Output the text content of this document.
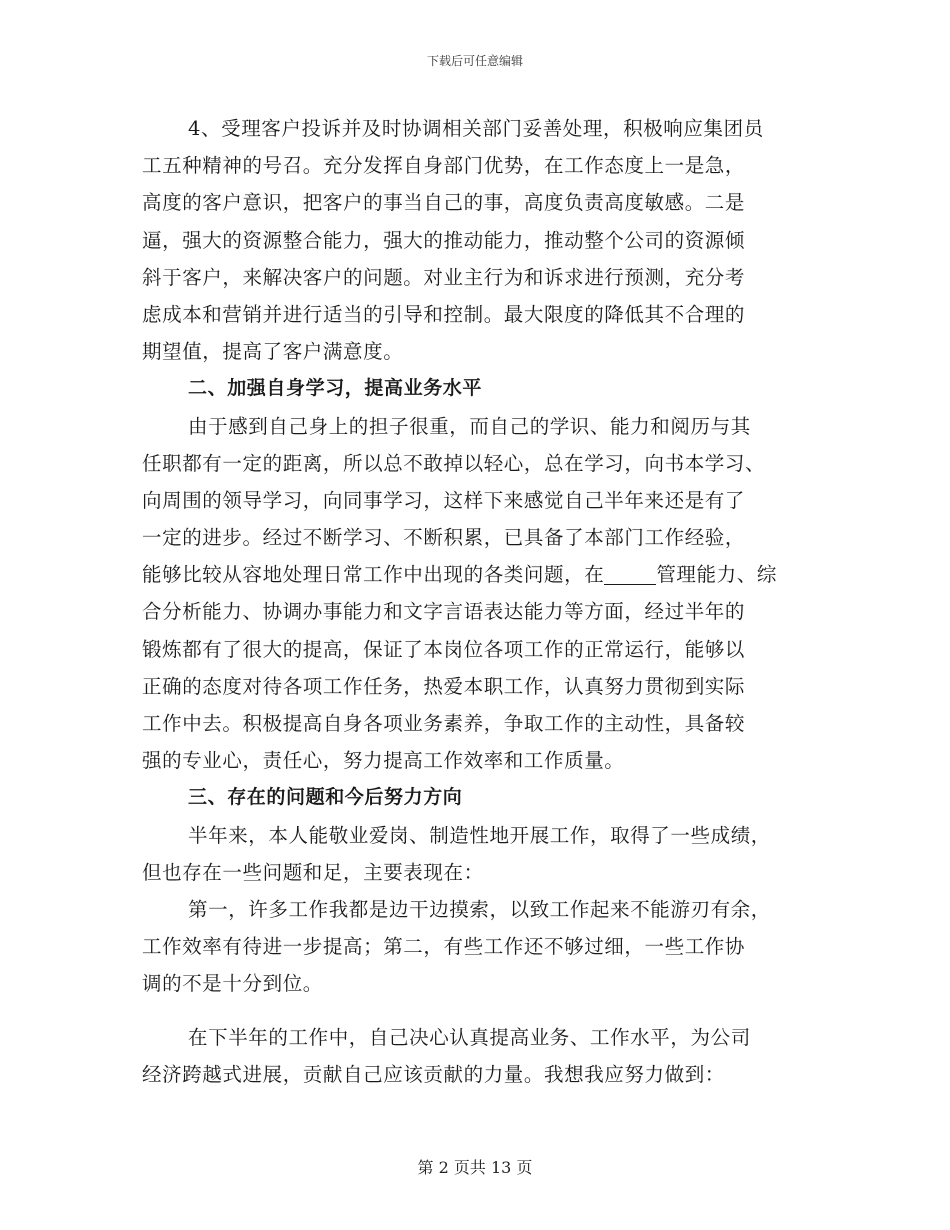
下载后可任意编辑
4、受理客户投诉并及时协调相关部门妥善处理，积极响应集团员
工五种精神的号召。充分发挥自身部门优势，在工作态度上一是急，
高度的客户意识，把客户的事当自己的事，高度负责高度敏感。二是
逼，强大的资源整合能力，强大的推动能力，推动整个公司的资源倾
斜于客户，来解决客户的问题。对业主行为和诉求进行预测，充分考
虑成本和营销并进行适当的引导和控制。最大限度的降低其不合理的
期望值，提高了客户满意度。
二、加强自身学习，提高业务水平
由于感到自己身上的担子很重，而自己的学识、能力和阅历与其
任职都有一定的距离，所以总不敢掉以轻心，总在学习，向书本学习、
向周围的领导学习，向同事学习，这样下来感觉自己半年来还是有了
一定的进步。经过不断学习、不断积累，已具备了本部门工作经验，
能够比较从容地处理日常工作中出现的各类问题，在	管理能力、综
合分析能力、协调办事能力和文字言语表达能力等方面，经过半年的
锻炼都有了很大的提高，保证了本岗位各项工作的正常运行，能够以
正确的态度对待各项工作任务，热爱本职工作，认真努力贯彻到实际
工作中去。积极提高自身各项业务素养，争取工作的主动性，具备较
强的专业心，责任心，努力提高工作效率和工作质量。
三、存在的问题和今后努力方向
半年来，本人能敬业爱岗、制造性地开展工作，取得了一些成绩，
但也存在一些问题和足，主要表现在：
第一，许多工作我都是边干边摸索，以致工作起来不能游刃有余，
工作效率有待进一步提高；第二，有些工作还不够过细，一些工作协
调的不是十分到位。
在下半年的工作中，自己决心认真提高业务、工作水平，为公司
经济跨越式进展，贡献自己应该贡献的力量。我想我应努力做到：
第 2 页共 13 页
